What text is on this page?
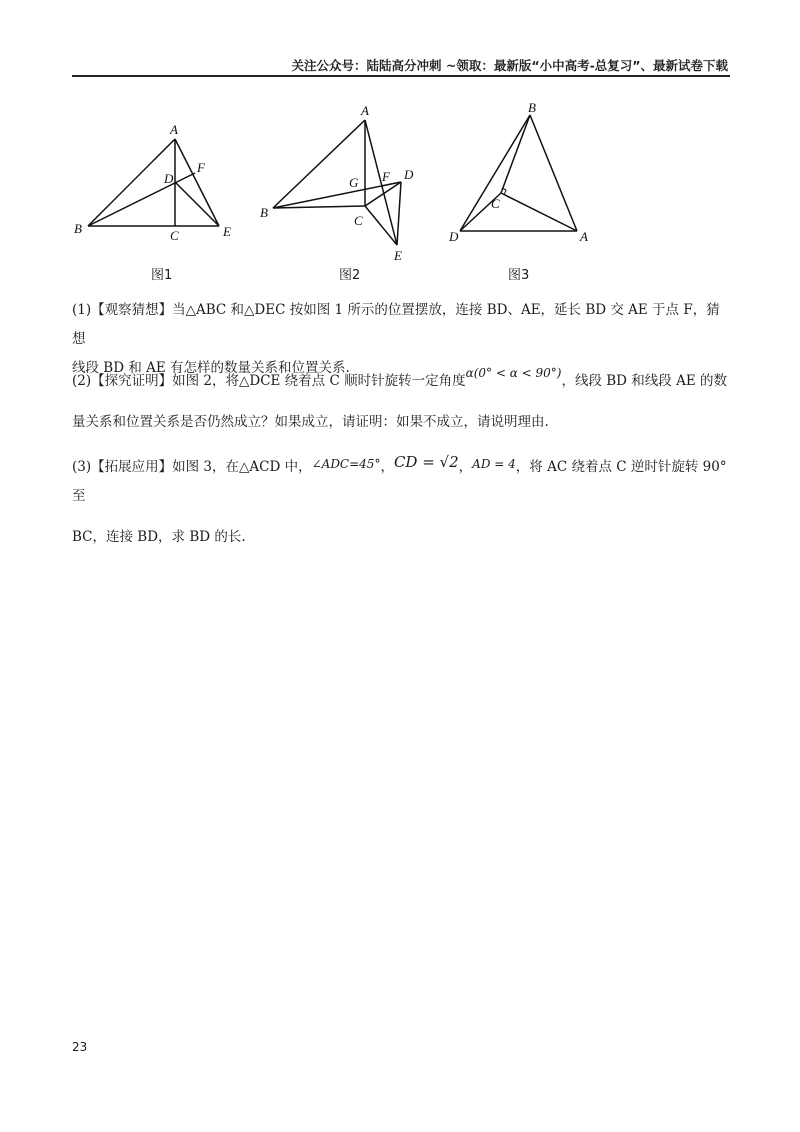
关注公众号：陆陆高分冲刺 ~领取：最新版“小中高考-总复习”、最新试卷下载
A
F
D
B	C	E
A
G F D
B
C
E
B
C
D	A
图1	图2	图3
(1)【观察猜想】当△ABC 和△DEC 按如图 1 所示的位置摆放，连接 BD、AE，延长 BD 交 AE 于点 F，猜想
线段 BD 和 AE 有怎样的数量关系和位置关系.
(2)【探究证明】如图 2，将△DCE 绕着点 C 顺时针旋转一定角度α(0° < α < 90°)，线段 BD 和线段 AE 的数
量关系和位置关系是否仍然成立？如果成立，请证明：如果不成立，请说明理由.
(3)【拓展应用】如图 3，在△ACD 中，∠ADC=45°，CD = √2，AD = 4，将 AC 绕着点 C 逆时针旋转 90°至
BC，连接 BD，求 BD 的长.
23
